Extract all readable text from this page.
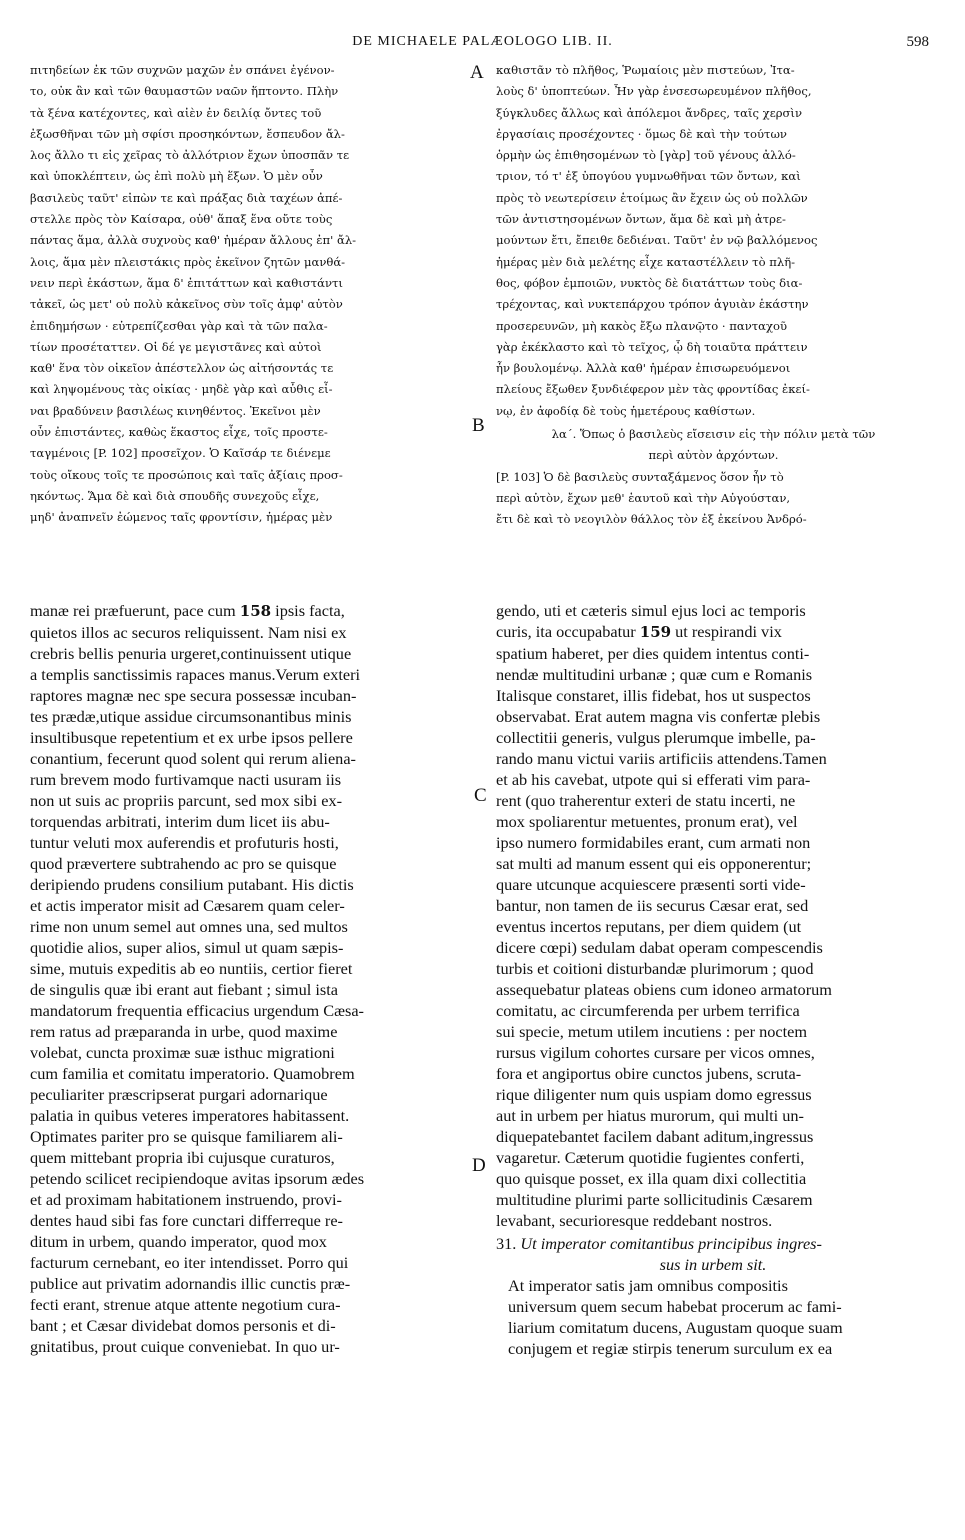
DE MICHAELE PALÆOLOGO LIB. II.	598
πιτηδείων ἐκ τῶν συχνῶν μαχῶν ἐν σπάνει ἐγένον-
το, οὐκ ἂν καὶ τῶν θαυμαστῶν ναῶν ἥπτοντο. Πλὴν
τὰ ξένα κατέχοντες, καὶ αἰὲν ἐν δειλίᾳ ὄντες τοῦ
ἐξωσθῆναι τῶν μὴ σφίσι προσηκόντων, ἔσπευδον ἄλ-
λος ἄλλο τι εἰς χεῖρας τὸ ἀλλότριον ἔχων ὑποσπᾶν τε
καὶ ὑποκλέπτειν, ὡς ἐπὶ πολὺ μὴ ἕξων. Ὁ μὲν οὖν
βασιλεὺς ταῦτ' εἰπὼν τε καὶ πράξας διὰ ταχέων ἀπέ-
στελλε πρὸς τὸν Καίσαρα, οὐθ' ἅπαξ ἕνα οὔτε τοὺς
πάντας ἅμα, ἀλλὰ συχνοὺς καθ' ἡμέραν ἄλλους ἐπ' ἄλ-
λοις, ἅμα μὲν πλειστάκις πρὸς ἐκεῖνον ζητῶν μανθά-
νειν περὶ ἑκάστων, ἅμα δ' ἐπιτάττων καὶ καθιστάντι
τἀκεῖ, ὡς μετ' οὐ πολὺ κἀκεῖνος σὺν τοῖς ἀμφ' αὐτὸν
ἐπιδημήσων · εὐτρεπίζεσθαι γὰρ καὶ τὰ τῶν παλα-
τίων προσέταττεν. Οἱ δέ γε μεγιστᾶνες καὶ αὐτοὶ
καθ' ἕνα τὸν οἰκεῖον ἀπέστελλον ὡς αἰτήσοντάς τε
καὶ ληψομένους τὰς οἰκίας · μηδὲ γὰρ καὶ αὖθις εἶ-
ναι βραδύνειν βασιλέως κινηθέντος. Ἐκεῖνοι μὲν
οὖν ἐπιστάντες, καθὼς ἕκαστος εἶχε, τοῖς προστε-
ταγμένοις [P. 102] προσεῖχον. Ὁ Καῖσάρ τε διένεμε
τοὺς οἴκους τοῖς τε προσώποις καὶ ταῖς ἀξίαις προσ-
ηκόντως. Ἅμα δὲ καὶ διὰ σπουδῆς συνεχοῦς εἶχε,
μηδ' ἀναπνεῖν ἐώμενος ταῖς φροντίσιν, ἡμέρας μὲν
καθιστᾶν τὸ πλῆθος, Ῥωμαίοις μὲν πιστεύων, Ἰτα-
λοὺς δ' ὑποπτεύων. Ἦν γὰρ ἐνσεσωρευμένον πλῆθος,
ξύγκλυδες ἄλλως καὶ ἀπόλεμοι ἄνδρες, ταῖς χερσὶν
ἐργασίαις προσέχοντες · ὅμως δὲ καὶ τὴν τούτων
ὁρμὴν ὡς ἐπιθησομένων τὸ [γὰρ] τοῦ γένους ἀλλό-
τριον, τό τ' ἐξ ὑπογύου γυμνωθῆναι τῶν ὄντων, καὶ
πρὸς τὸ νεωτερίσειν ἑτοίμως ἂν ἔχειν ὡς οὐ πολλῶν
τῶν ἀντιστησομένων ὄντων, ἅμα δὲ καὶ μὴ ἀτρε-
μούντων ἔτι, ἔπειθε δεδιέναι. Ταῦτ' ἐν νῷ βαλλόμενος
ἡμέρας μὲν διὰ μελέτης εἶχε καταστέλλειν τὸ πλῆ-
θος, φόβον ἐμποιῶν, νυκτὸς δὲ διατάττων τοὺς δια-
τρέχοντας, καὶ νυκτεπάρχου τρόπον ἀγυιὰν ἑκάστην
προσερευνῶν, μὴ κακὸς ἔξω πλανῷτο · πανταχοῦ
γὰρ ἐκέκλαστο καὶ τὸ τεῖχος, ᾧ δὴ τοιαῦτα πράττειν
ἦν βουλομένῳ. Ἀλλὰ καθ' ἡμέραν ἐπισωρευόμενοι
πλείους ἔξωθεν ξυνδιέφερον μὲν τὰς φροντίδας ἐκεί-
νῳ, ἐν ἀφοδίᾳ δὲ τοὺς ἡμετέρους καθίστων.
λα΄. Ὅπως ὁ βασιλεὺς εἴσεισιν εἰς τὴν πόλιν μετὰ τῶν
περὶ αὐτὸν ἀρχόντων.
[P. 103] Ὁ δὲ βασιλεὺς συνταξάμενος ὅσον ἦν τὸ
περὶ αὐτὸν, ἔχων μεθ' ἑαυτοῦ καὶ τὴν Αὐγούσταν,
ἔτι δὲ καὶ τὸ νεογιλὸν θάλλος τὸν ἐξ ἐκείνου Ἀνδρό-
A
B
C
D
manæ rei præfuerunt, pace cum 158 ipsis facta,
quietos illos ac securos reliquissent. Nam nisi ex
crebris bellis penuria urgeret,continuissent utique
a templis sanctissimis rapaces manus.Verum exteri
raptores magnæ nec spe secura possessæ incuban-
tes prædæ,utique assidue circumsonantibus minis
insultibusque repetentium et ex urbe ipsos pellere
conantium, fecerunt quod solent qui rerum aliena-
rum brevem modo furtivamque nacti usuram iis
non ut suis ac propriis parcunt, sed mox sibi ex-
torquendas arbitrati, interim dum licet iis abu-
tuntur veluti mox auferendis et profuturis hosti,
quod prævertere subtrahendo ac pro se quisque
deripiendo prudens consilium putabant. His dictis
et actis imperator misit ad Cæsarem quam celer-
rime non unum semel aut omnes una, sed multos
quotidie alios, super alios, simul ut quam sæpis-
sime, mutuis expeditis ab eo nuntiis, certior fieret
de singulis quæ ibi erant aut fiebant ; simul ista
mandatorum frequentia efficacius urgendum Cæsa-
rem ratus ad præparanda in urbe, quod maxime
volebat, cuncta proximæ suæ isthuc migrationi
cum familia et comitatu imperatorio. Quamobrem
peculiariter præscripserat purgari adornarique
palatia in quibus veteres imperatores habitassent.
Optimates pariter pro se quisque familiarem ali-
quem mittebant propria ibi cujusque curaturos,
petendo scilicet recipiendoque avitas ipsorum ædes
et ad proximam habitationem instruendo, provi-
dentes haud sibi fas fore cunctari differreque re-
ditum in urbem, quando imperator, quod mox
facturum cernebant, eo iter intendisset. Porro qui
publice aut privatim adornandis illic cunctis præ-
fecti erant, strenue atque attente negotium cura-
bant ; et Cæsar dividebat domos personis et di-
gnitatibus, prout cuique conveniebat. In quo ur-
gendo, uti et cæteris simul ejus loci ac temporis
curis, ita occupabatur 159 ut respirandi vix
spatium haberet, per dies quidem intentus conti-
nendæ multitudini urbanæ ; quæ cum e Romanis
Italisque constaret, illis fidebat, hos ut suspectos
observabat. Erat autem magna vis confertæ plebis
collectitii generis, vulgus plerumque imbelle, pa-
rando manu victui variis artificiis attendens.Tamen
et ab his cavebat, utpote qui si efferati vim para-
rent (quo traherentur exteri de statu incerti, ne
mox spoliarentur metuentes, pronum erat), vel
ipso numero formidabiles erant, cum armati non
sat multi ad manum essent qui eis opponerentur;
quare utcunque acquiescere præsenti sorti vide-
bantur, non tamen de iis securus Cæsar erat, sed
eventus incertos reputans, per diem quidem (ut
dicere cœpi) sedulam dabat operam compescendis
turbis et coitioni disturbandæ plurimorum ; quod
assequebatur plateas obiens cum idoneo armatorum
comitatu, ac circumferenda per urbem terrifica
sui specie, metum utilem incutiens : per noctem
rursus vigilum cohortes cursare per vicos omnes,
fora et angiportus obire cunctos jubens, scruta-
rique diligenter num quis uspiam domo egressus
aut in urbem per hiatus murorum, qui multi un-
diquepatebantet facilem dabant aditum,ingressus
vagaretur. Cæterum quotidie fugientes conferti,
quo quisque posset, ex illa quam dixi collectitia
multitudine plurimi parte sollicitudinis Cæsarem
levabant, securioresque reddebant nostros.
31. Ut imperator comitantibus principibus ingres-
sus in urbem sit.
At imperator satis jam omnibus compositis
universum quem secum habebat procerum ac fami-
liarium comitatum ducens, Augustam quoque suam
conjugem et regiæ stirpis tenerum surculum ex ea
